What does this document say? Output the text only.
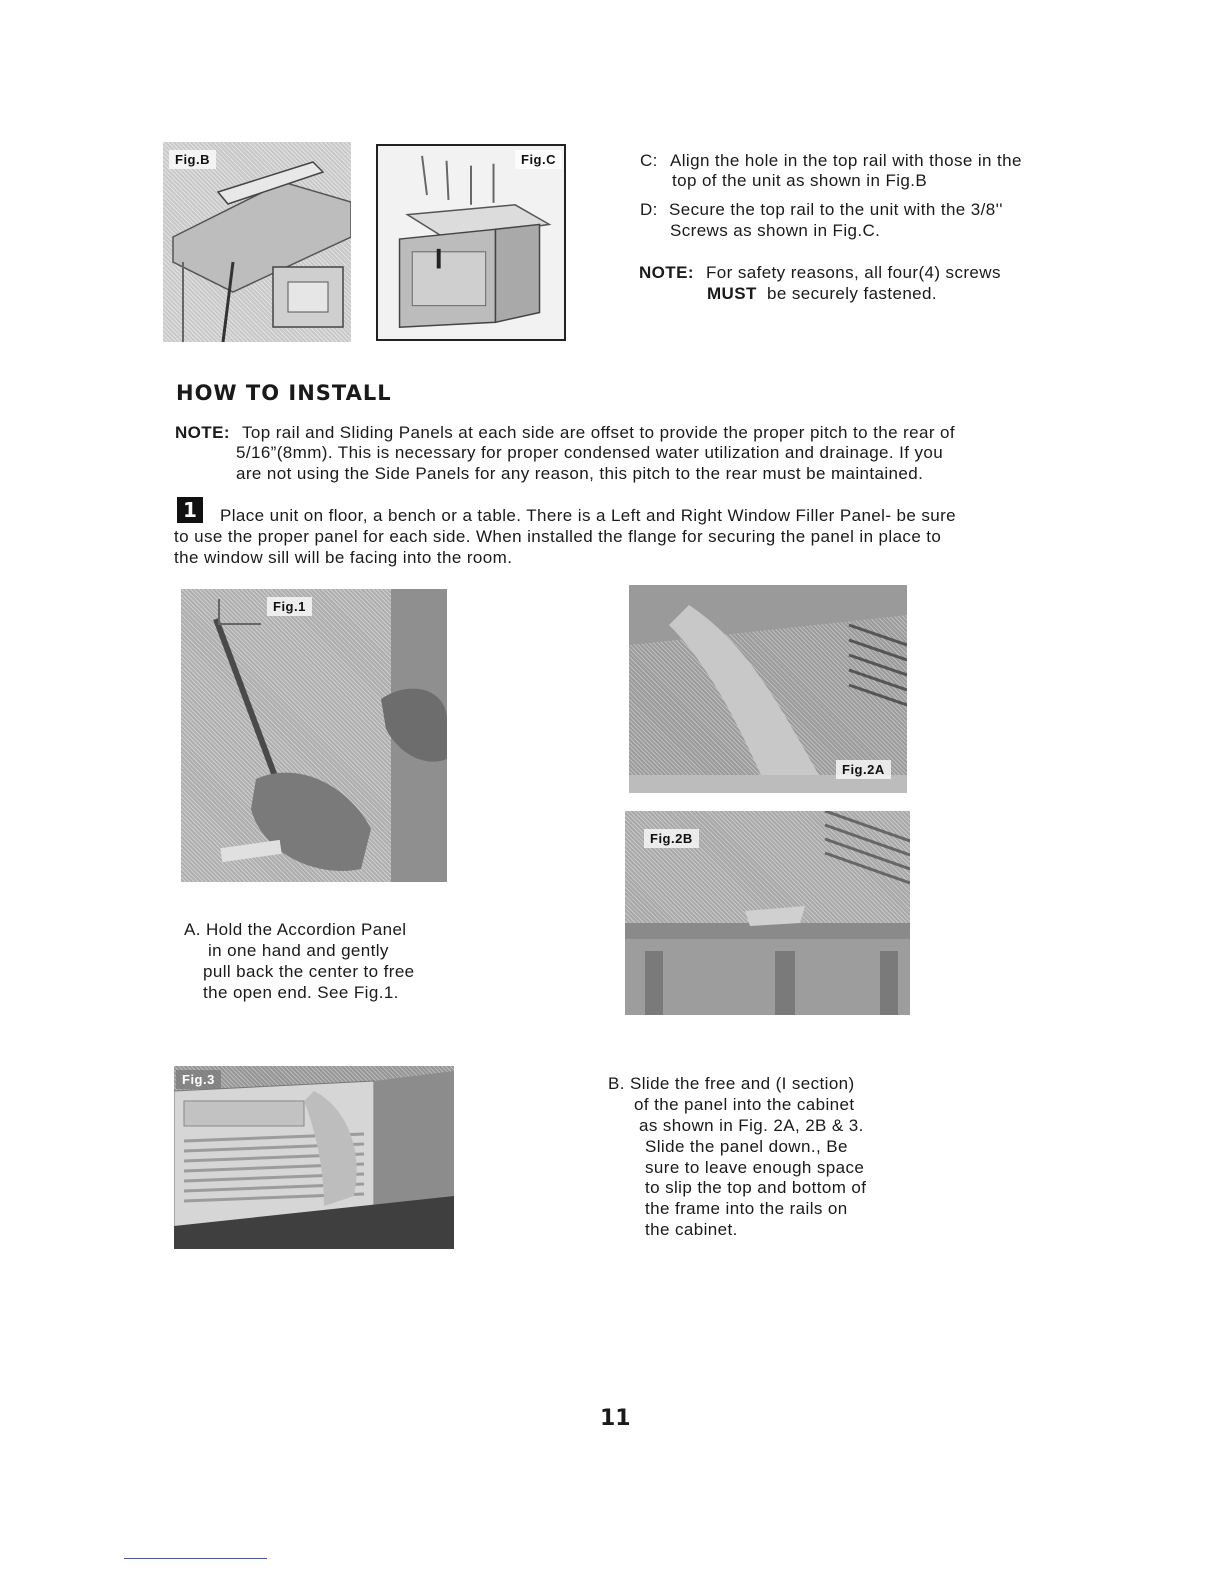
Fig.B	Fig.C	C: Align the hole in the top rail with those in the
top of the unit as shown in Fig.B
D: Secure the top rail to the unit with the 3/8''
Screws as shown in Fig.C.
NOTE: For safety reasons, all four(4) screws
MUST be securely fastened.
HOW TO INSTALL
NOTE: Top rail and Sliding Panels at each side are offset to provide the proper pitch to the rear of
5/16”(8mm). This is necessary for proper condensed water utilization and drainage. If you
are not using the Side Panels for any reason, this pitch to the rear must be maintained.
1	Place unit on floor, a bench or a table. There is a Left and Right Window Filler Panel- be sure
to use the proper panel for each side. When installed the flange for securing the panel in place to
the window sill will be facing into the room.
Fig.1
Fig.2A
Fig.2B
A. Hold the Accordion Panel
in one hand and gently
pull back the center to free
the open end. See Fig.1.
Fig.3	B. Slide the free and (I section)
of the panel into the cabinet
as shown in Fig. 2A, 2B & 3.
Slide the panel down., Be
sure to leave enough space
to slip the top and bottom of
the frame into the rails on
the cabinet.
11
